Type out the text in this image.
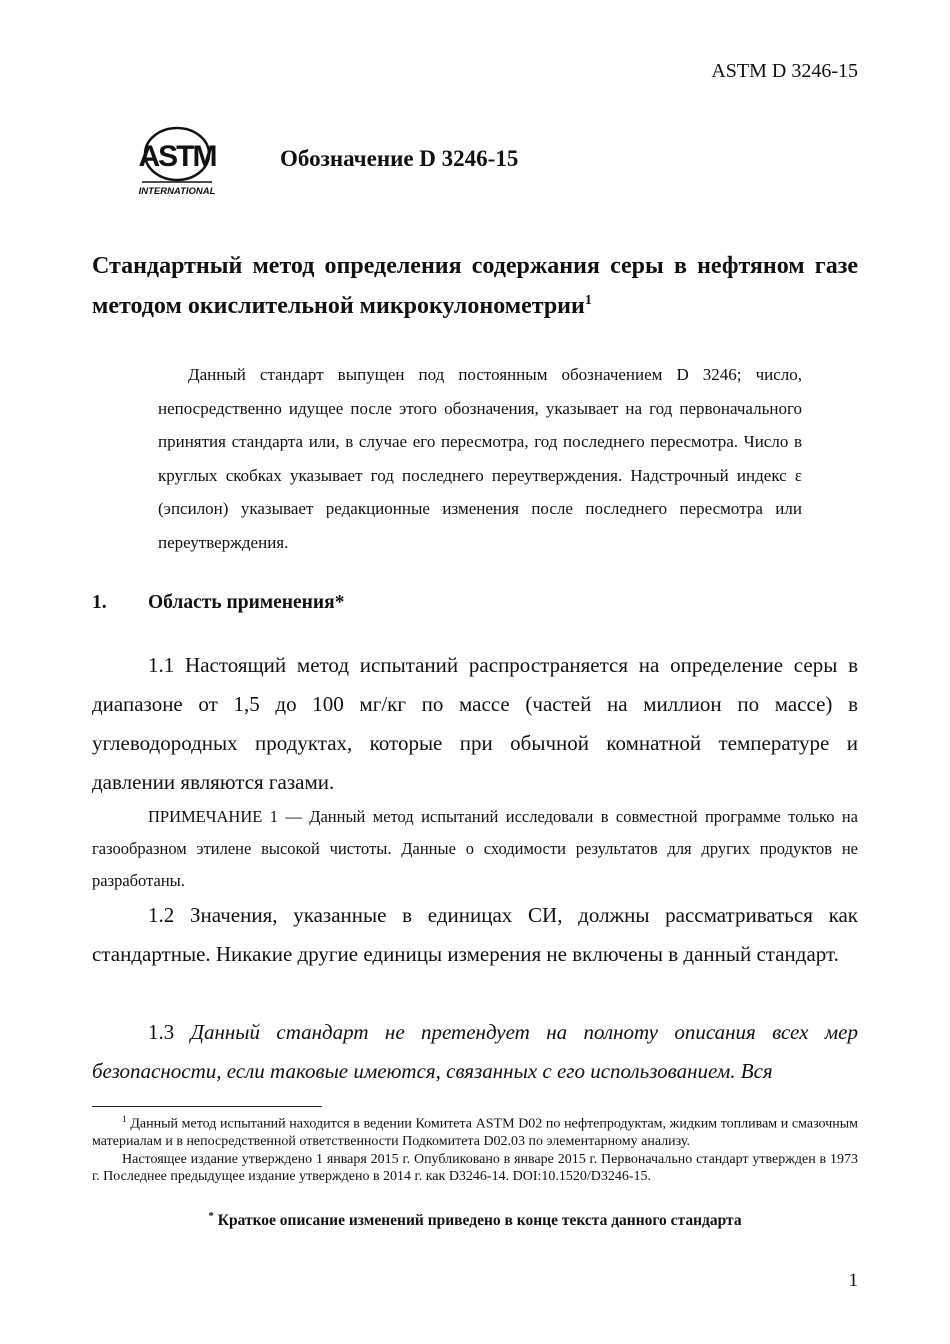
ASTM D 3246-15
ASTM
INTERNATIONAL
Обозначение D 3246-15
Стандартный метод определения содержания серы в нефтяном газе методом окислительной микрокулонометрии$^1$
Данный стандарт выпущен под постоянным обозначением D 3246; число, непосредственно идущее после этого обозначения, указывает на год первоначального принятия стандарта или, в случае его пересмотра, год последнего пересмотра. Число в круглых скобках указывает год последнего переутверждения. Надстрочный индекс ε (эпсилон) указывает редакционные изменения после последнего пересмотра или переутверждения.
1. Область применения*
1.1 Настоящий метод испытаний распространяется на определение серы в диапазоне от 1,5 до 100 мг/кг по массе (частей на миллион по массе) в углеводородных продуктах, которые при обычной комнатной температуре и давлении являются газами.
ПРИМЕЧАНИЕ 1 — Данный метод испытаний исследовали в совместной программе только на газообразном этилене высокой чистоты. Данные о сходимости результатов для других продуктов не разработаны.
1.2 Значения, указанные в единицах СИ, должны рассматриваться как стандартные. Никакие другие единицы измерения не включены в данный стандарт.
1.3 Данный стандарт не претендует на полноту описания всех мер безопасности, если таковые имеются, связанных с его использованием. Вся

$^1$ Данный метод испытаний находится в ведении Комитета ASTM D02 по нефтепродуктам, жидким топливам и смазочным материалам и в непосредственной ответственности Подкомитета D02.03 по элементарному анализу.

Настоящее издание утверждено 1 января 2015 г. Опубликовано в январе 2015 г. Первоначально стандарт утвержден в 1973 г. Последнее предыдущее издание утверждено в 2014 г. как D3246-14. DOI:10.1520/D3246-15.

* Краткое описание изменений приведено в конце текста данного стандарта
1
